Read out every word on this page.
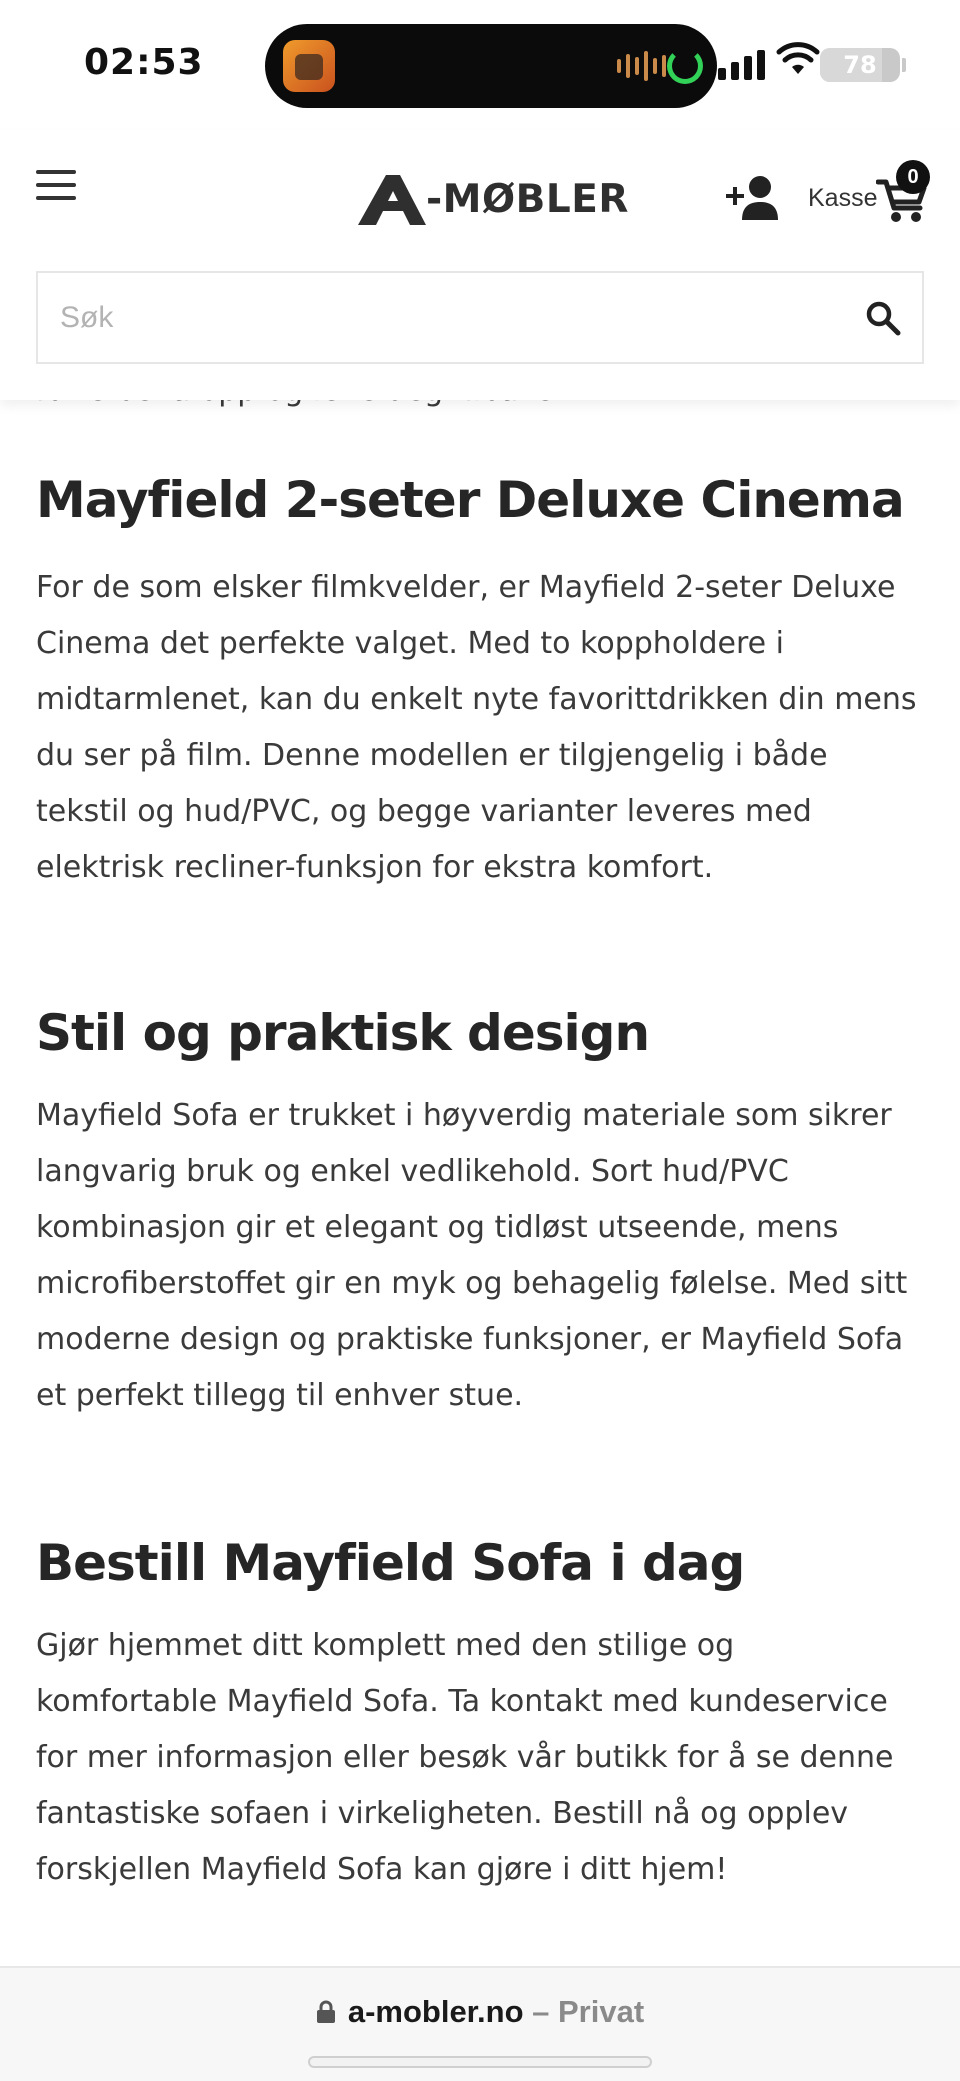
02:53	78
-MØBLER	Kasse
0
Søk
Mayfield 2-seter Deluxe Cinema

For de som elsker filmkvelder, er Mayfield 2-seter Deluxe Cinema det perfekte valget. Med to koppholdere i midtarmlenet, kan du enkelt nyte favorittdrikken din mens du ser på film. Denne modellen er tilgjengelig i både tekstil og hud/PVC, og begge varianter leveres med elektrisk recliner-funksjon for ekstra komfort.

Stil og praktisk design

Mayfield Sofa er trukket i høyverdig materiale som sikrer langvarig bruk og enkel vedlikehold. Sort hud/PVC kombinasjon gir et elegant og tidløst utseende, mens microfiberstoffet gir en myk og behagelig følelse. Med sitt moderne design og praktiske funksjoner, er Mayfield Sofa et perfekt tillegg til enhver stue.

Bestill Mayfield Sofa i dag

Gjør hjemmet ditt komplett med den stilige og komfortable Mayfield Sofa. Ta kontakt med kundeservice for mer informasjon eller besøk vår butikk for å se denne fantastiske sofaen i virkeligheten. Bestill nå og opplev forskjellen Mayfield Sofa kan gjøre i ditt hjem!

a-mobler.no – Privat
